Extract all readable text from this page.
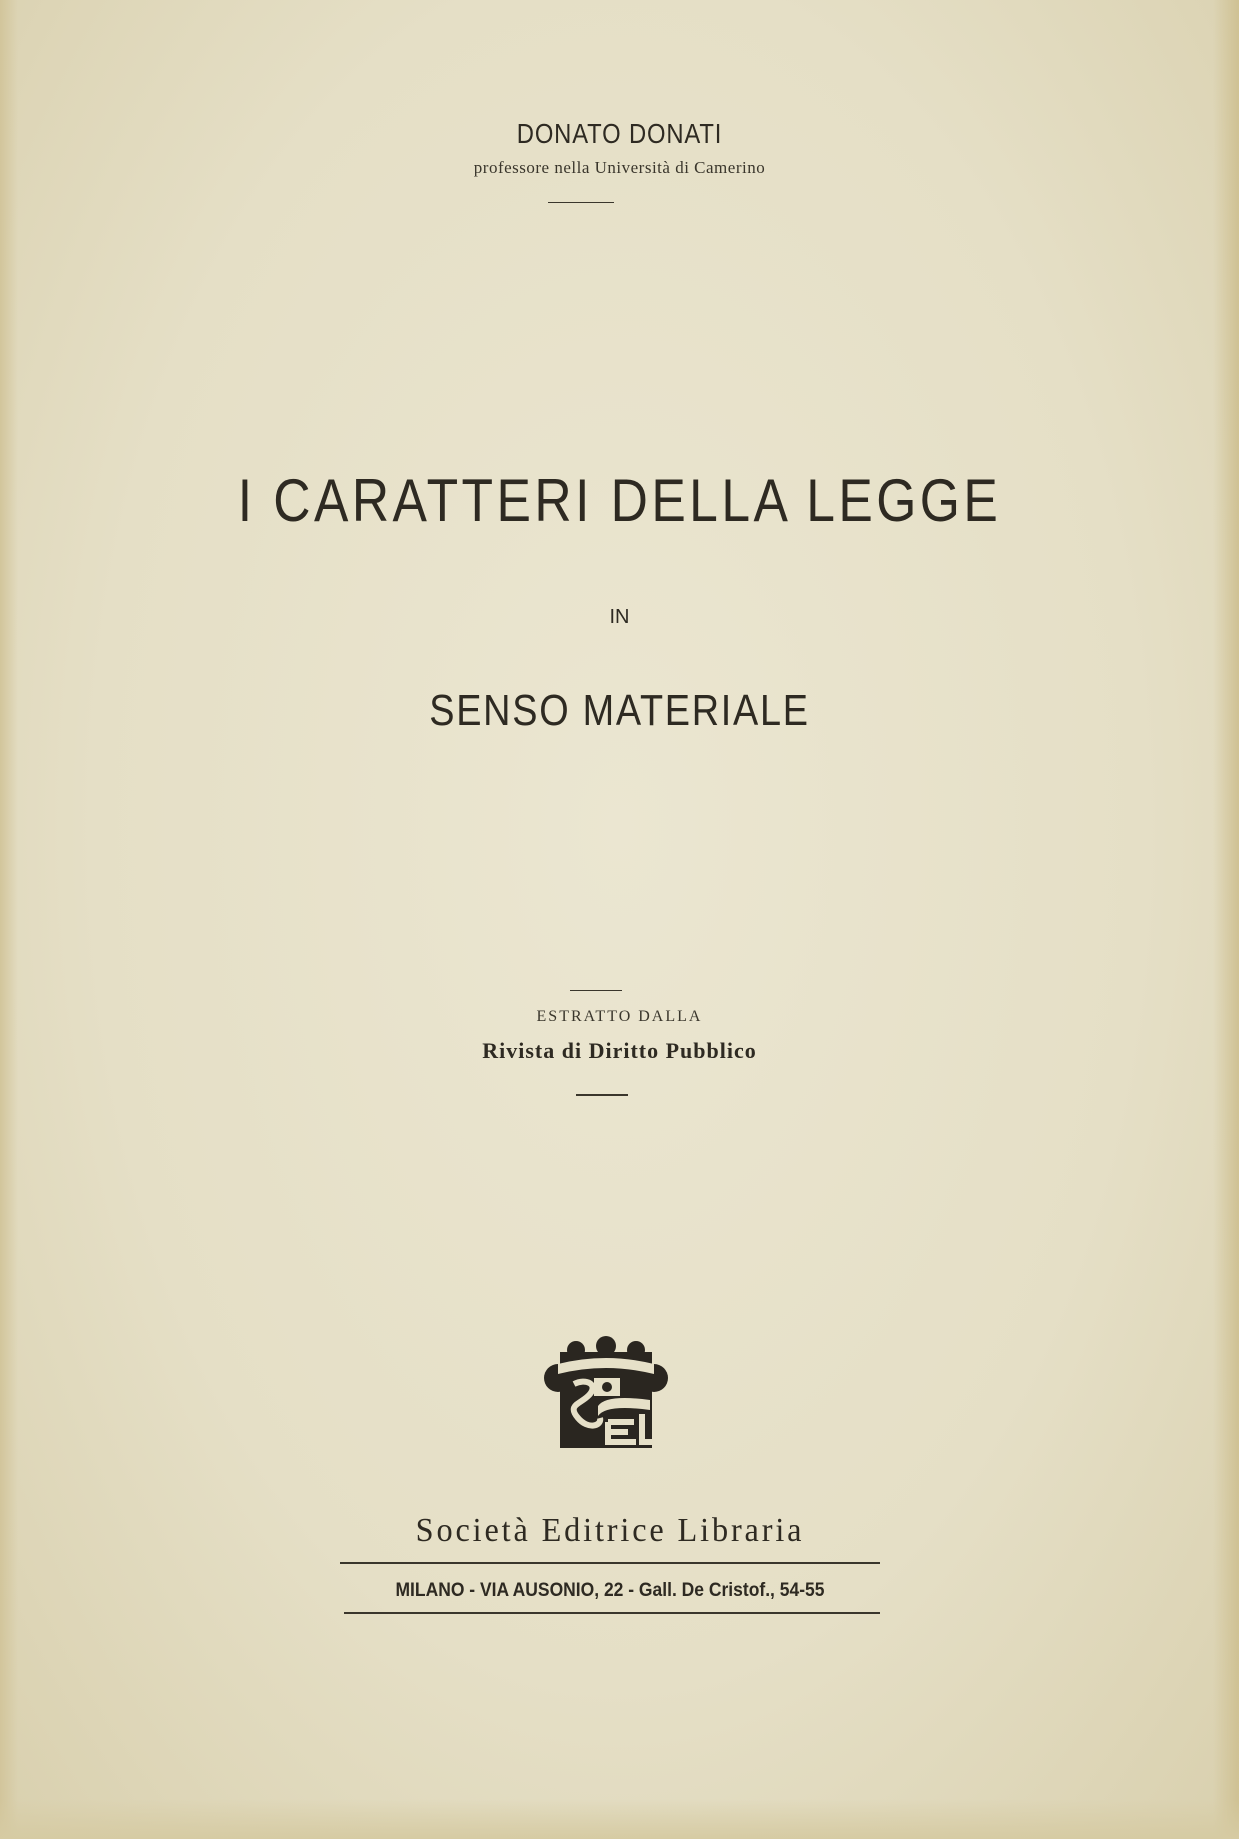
DONATO DONATI
professore nella Università di Camerino
I CARATTERI DELLA LEGGE
IN
SENSO MATERIALE
ESTRATTO DALLA
Rivista di Diritto Pubblico
Società Editrice Libraria
MILANO - VIA AUSONIO, 22 - Gall. De Cristof., 54-55
